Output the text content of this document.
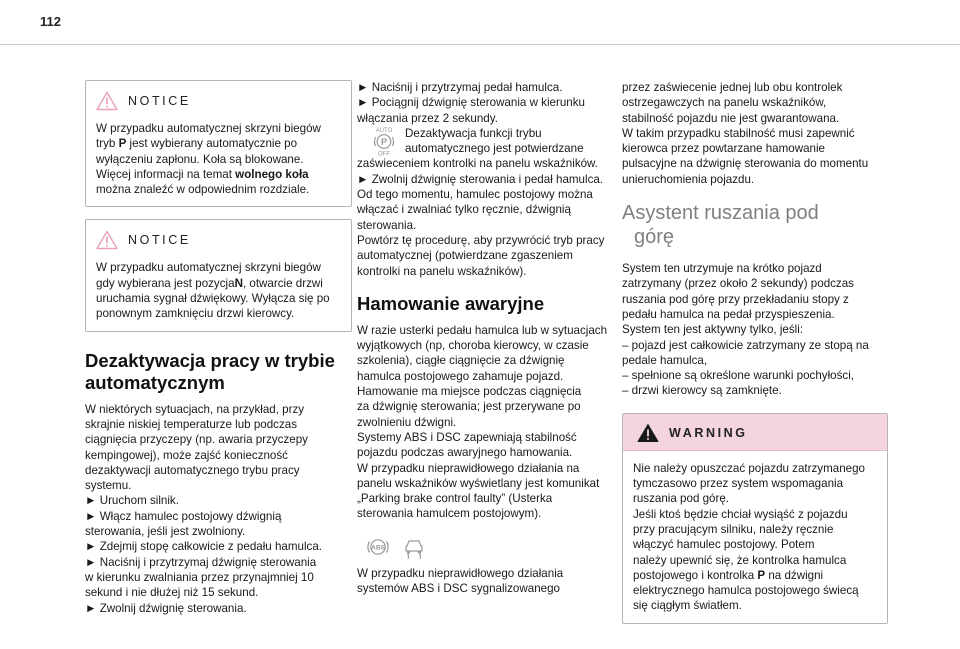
112
NOTICE
W przypadku automatycznej skrzyni biegów
tryb P jest wybierany automatycznie po
wyłączeniu zapłonu. Koła są blokowane.
Więcej informacji na temat wolnego koła
można znaleźć w odpowiednim rozdziale.
NOTICE
W przypadku automatycznej skrzyni biegów
gdy wybierana jest pozycjaN, otwarcie drzwi
uruchamia sygnał dźwiękowy. Wyłącza się po
ponownym zamknięciu drzwi kierowcy.
Dezaktywacja pracy w trybie
automatycznym
W niektórych sytuacjach, na przykład, przy
skrajnie niskiej temperaturze lub podczas
ciągnięcia przyczepy (np. awaria przyczepy
kempingowej), może zajść konieczność
dezaktywacji automatycznego trybu pracy
systemu.
► Uruchom silnik.
► Włącz hamulec postojowy dźwignią
sterowania, jeśli jest zwolniony.
► Zdejmij stopę całkowicie z pedału hamulca.
► Naciśnij i przytrzymaj dźwignię sterowania
w kierunku zwalniania przez przynajmniej 10
sekund i nie dłużej niż 15 sekund.
► Zwolnij dźwignię sterowania.
► Naciśnij i przytrzymaj pedał hamulca.
► Pociągnij dźwignię sterowania w kierunku
włączania przez 2 sekundy.
AUTO
P
OFF
Dezaktywacja funkcji trybu
automatycznego jest potwierdzane
zaświeceniem kontrolki na panelu wskaźników.
► Zwolnij dźwignię sterowania i pedał hamulca.
Od tego momentu, hamulec postojowy można
włączać i zwalniać tylko ręcznie, dźwignią
sterowania.
Powtórz tę procedurę, aby przywrócić tryb pracy
automatycznej (potwierdzane zgaszeniem
kontrolki na panelu wskaźników).
Hamowanie awaryjne
W razie usterki pedału hamulca lub w sytuacjach
wyjątkowych (np, choroba kierowcy, w czasie
szkolenia), ciągłe ciągnięcie za dźwignię
hamulca postojowego zahamuje pojazd.
Hamowanie ma miejsce podczas ciągnięcia
za dźwignię sterowania; jest przerywane po
zwolnieniu dźwigni.
Systemy ABS i DSC zapewniają stabilność
pojazdu podczas awaryjnego hamowania.
W przypadku nieprawidłowego działania na
panelu wskaźników wyświetlany jest komunikat
„Parking brake control faulty” (Usterka
sterowania hamulcem postojowym).
ABS
W przypadku nieprawidłowego działania
systemów ABS i DSC sygnalizowanego
przez zaświecenie jednej lub obu kontrolek
ostrzegawczych na panelu wskaźników,
stabilność pojazdu nie jest gwarantowana.
W takim przypadku stabilność musi zapewnić
kierowca przez powtarzane hamowanie
pulsacyjne na dźwignię sterowania do momentu
unieruchomienia pojazdu.
Asystent ruszania pod
górę
System ten utrzymuje na krótko pojazd
zatrzymany (przez około 2 sekundy) podczas
ruszania pod górę przy przekładaniu stopy z
pedału hamulca na pedał przyspieszenia.
System ten jest aktywny tylko, jeśli:
– pojazd jest całkowicie zatrzymany ze stopą na
pedale hamulca,
– spełnione są określone warunki pochyłości,
– drzwi kierowcy są zamknięte.
WARNING
Nie należy opuszczać pojazdu zatrzymanego
tymczasowo przez system wspomagania
ruszania pod górę.
Jeśli ktoś będzie chciał wysiąść z pojazdu
przy pracującym silniku, należy ręcznie
włączyć hamulec postojowy. Potem
należy upewnić się, że kontrolka hamulca
postojowego i kontrolka P na dźwigni
elektrycznego hamulca postojowego świecą
się ciągłym światłem.
